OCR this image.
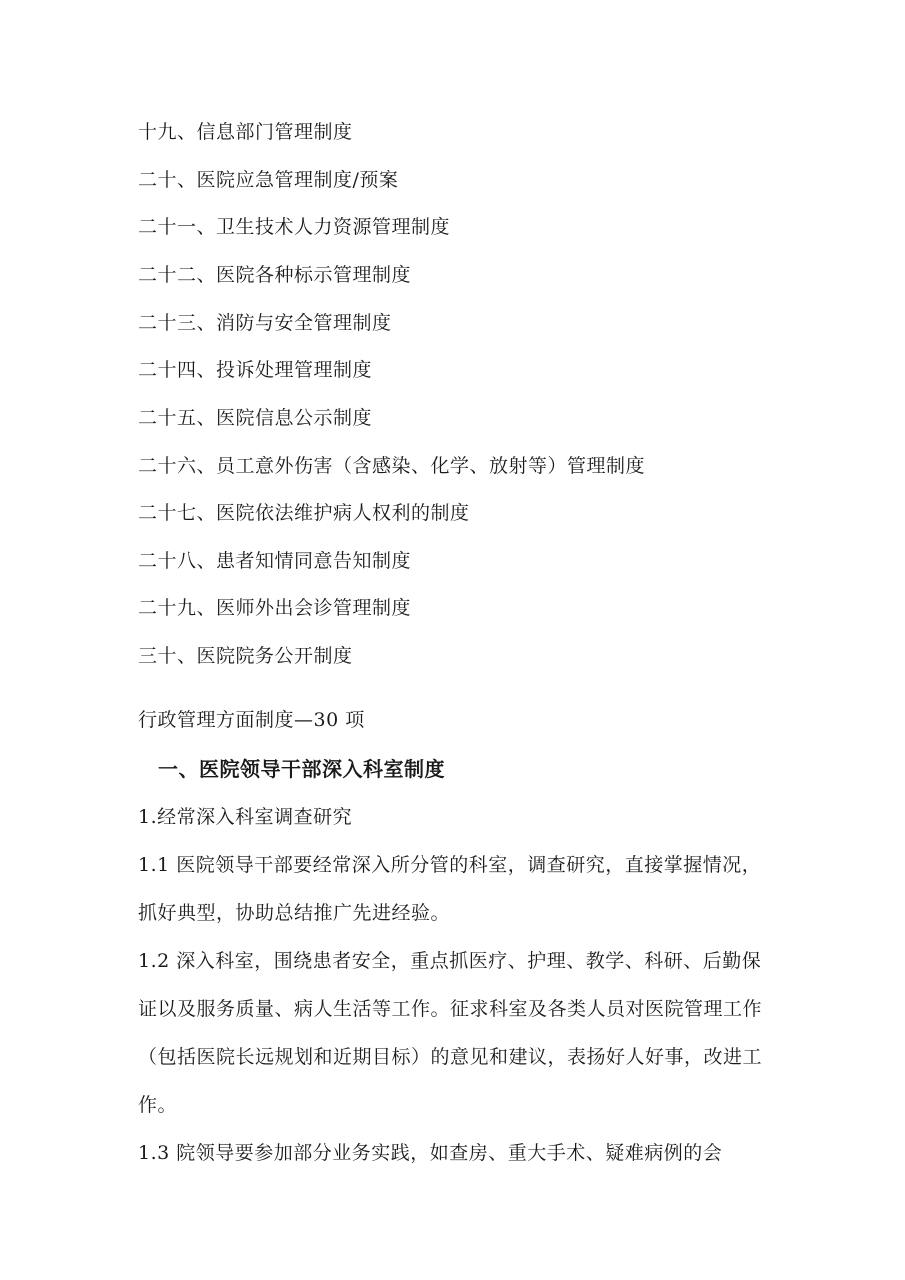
十九、信息部门管理制度
二十、医院应急管理制度/预案
二十一、卫生技术人力资源管理制度
二十二、医院各种标示管理制度
二十三、消防与安全管理制度
二十四、投诉处理管理制度
二十五、医院信息公示制度
二十六、员工意外伤害（含感染、化学、放射等）管理制度
二十七、医院依法维护病人权利的制度
二十八、患者知情同意告知制度
二十九、医师外出会诊管理制度
三十、医院院务公开制度
行政管理方面制度—30 项
一、医院领导干部深入科室制度
1.经常深入科室调查研究
1.1 医院领导干部要经常深入所分管的科室，调查研究，直接掌握情况，抓好典型，协助总结推广先进经验。
1.2 深入科室，围绕患者安全，重点抓医疗、护理、教学、科研、后勤保证以及服务质量、病人生活等工作。征求科室及各类人员对医院管理工作（包括医院长远规划和近期目标）的意见和建议，表扬好人好事，改进工作。
1.3 院领导要参加部分业务实践，如查房、重大手术、疑难病例的会
